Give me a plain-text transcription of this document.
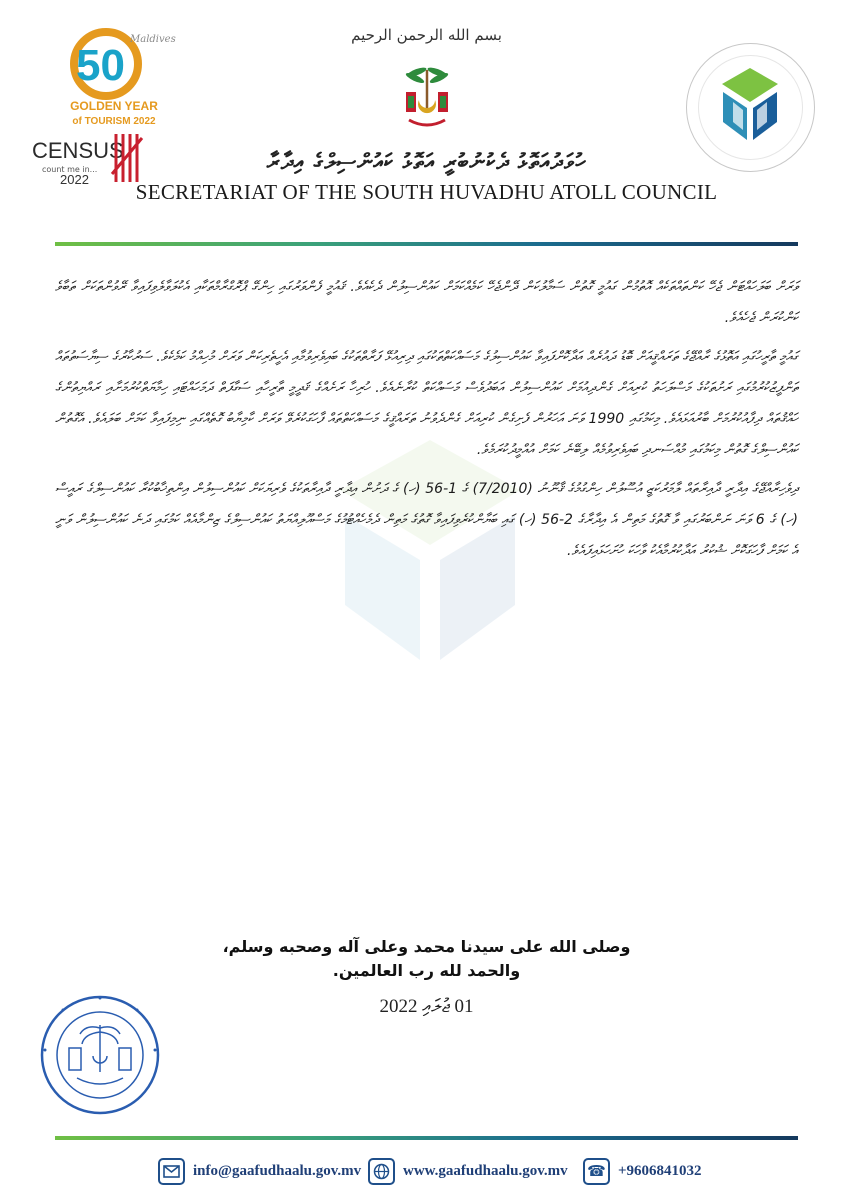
50
Maldives
GOLDEN YEAR
of TOURISM 2022
CENSUS
count me in...
2022
بسم الله الرحمن الرحيم
ހުވަދުއަތޮޅު ދެކުނުބުރީ އަތޮޅު ކައުންސިލްގެ އިދާރާ
SECRETARIAT OF THE SOUTH HUVADHU ATOLL COUNCIL

ވަރަށް ބަލަހައްޓަން ޖެހޭ ކަންތައްތަކެއް އޮތުމުން ގައުމީ ގޮތުން ސަމާލުކަން ދޭންޖެހޭ ކަމެއްކަމަށް ކައުންސިލުން ދެކެއެވެ. ޤައުމީ ފެންވަރުގައި ހިންގޭ ޕްރޮގްރާމްތަކާއި އެކުލަވާލެވިފައިވާ ރޭވުންތަކަށް ތަބާވެ ކަންކުރަން ޖެހެއެވެ.

ގައުމީ ތާރީހުގައި އަތޮޅުގެ ރާއްޖޭގެ ތަރައްޤީއަށް ބޮޑު ދައުރެއް އަދާކޮށްފައިވާ ކައުންސިލުގެ މަސައްކަތްތަކުގައި ދިރިއުޅޭ ފަރާތްތަކުގެ ބައިވެރިވުމާއި އެހީތެރިކަން ވަރަށް މުހިއްމު ކަމެކެވެ. ސަރުކާރުގެ ސިޔާސަތުތައް ތަންފީޒުކުރުމުގައި ރަށުތަކުގެ މަސްލަހަތު ކުރިއަށް ގެންދިއުމަށް ކައުންސިލުން އަބަދުވެސް މަސައްކަތް ކުރާނެއެވެ. ހުރިހާ ރަށެއްގެ ޤަދީމީ ތާރީހާއި ސަގާފަތް ދަމަހައްޓައި ހިމާޔަތްކުރުމަށާއި ރައްޔިތުންގެ ހައްޤުތައް ދިފާއުކުރުމަށް ބާރުއަޅައެވެ. މިކަމުގައި 1990 ވަނަ އަހަރުން ފެށިގެން ކުރިއަށް ގެންދެވުނު ތަރައްޤީގެ މަސައްކަތްތައް ފާހަގަކުރެވޭ ވަރަށް ކާމިޔާބު ގޮތެއްގައި ނިމިފައިވާ ކަމަށް ބަލައެވެ. އެގޮތުން ކައުންސިލްގެ ގޮތުން މިކަމުގައި މުއްސަނދި ބައިވެރިވުމެއް ލިބޭނެ ކަމަށް އުއްމީދުކުރަމެވެ.

ދިވެހިރާއްޖޭގެ އިދާރީ ދާއިރާތައް ލާމަރުކަޒީ އުސޫލުން ހިންގުމުގެ ޤާނޫނު (7/2010) ގެ 1-56 (ހ) ގެ ދަށުން އިދާރީ ދާއިރާތަކުގެ ވެރިޔަކަށް ކައުންސިލުން އިންތިޚާބުކުރާ ކައުންސިލްގެ ރައީސް (ހ) ގެ 6 ވަނަ ނަންބަރުގައި ވާ ގޮތުގެ މަތިން އެ އިދާރާގެ 2-56 (ހ) ގައި ބަޔާންކުރެވިފައިވާ ގޮތުގެ މަތިން ދެމެހެއްޓުމުގެ މަސްއޫލިއްޔަތު ކައުންސިލްގެ ޒިންމާއެއް ކަމުގައި ދަނެ ކައުންސިލުން ވަނީ އެ ކަމަށް ފާހަގަކޮށް ޝުކުރު އަދާކުރުމާއެކު ވާހަކަ ހުށަހަޅައިފައެވެ.

وصلى الله على سيدنا محمد وعلى آله وصحبه وسلم،
والحمد لله رب العالمين.
01 ޖުލައި 2022
info@gaafudhaalu.gov.mv	www.gaafudhaalu.gov.mv ☎ +9606841032
